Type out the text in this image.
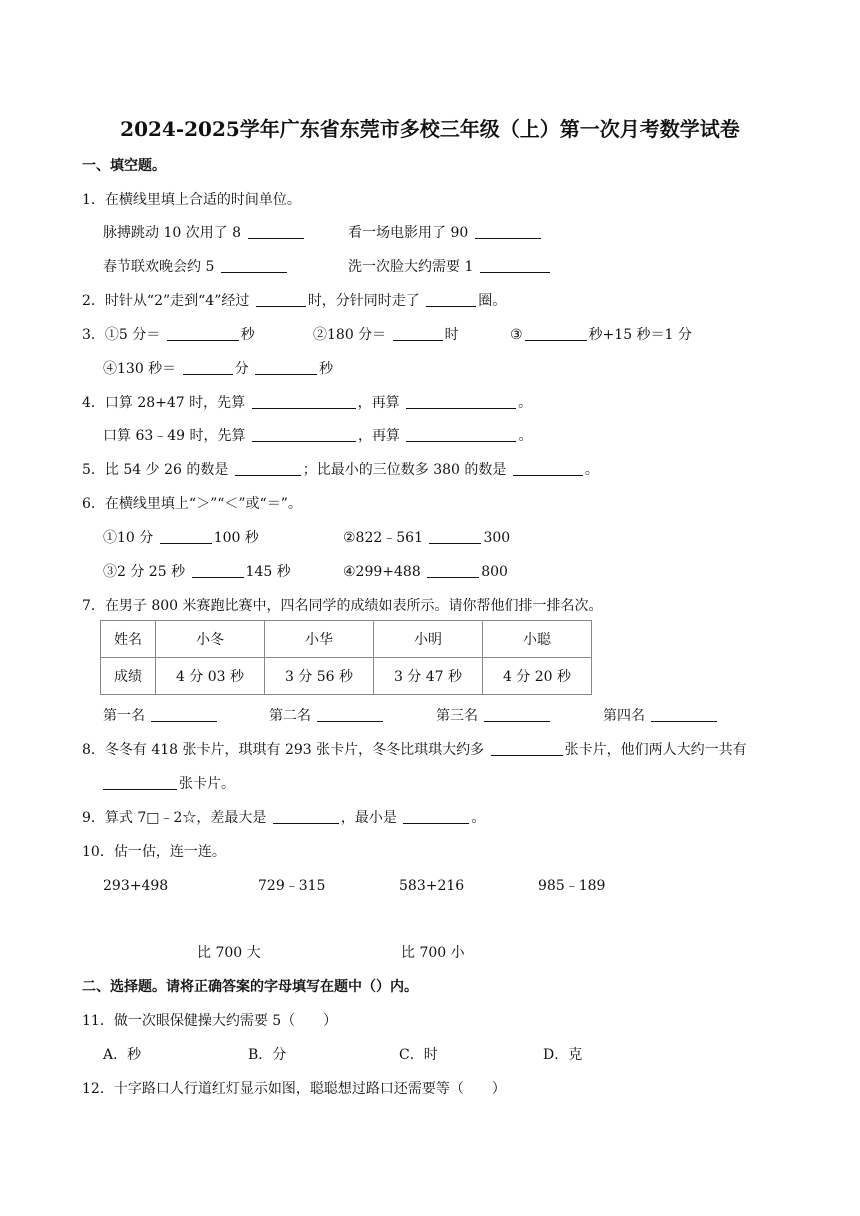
2024-2025学年广东省东莞市多校三年级（上）第一次月考数学试卷
一、填空题。
1．在横线里填上合适的时间单位。
脉搏跳动 10 次用了 8	看一场电影用了 90
春节联欢晚会约 5	洗一次脸大约需要 1
2．时针从“2”走到“4”经过	时，分针同时走了	圈。
3．①5 分＝	秒	②180 分＝	时	③	秒+15 秒＝1 分
④130 秒＝	分	秒
4．口算 28+47 时，先算	，再算	。
口算 63﹣49 时，先算	，再算	。
5．比 54 少 26 的数是	；比最小的三位数多 380 的数是	。
6．在横线里填上“＞”“＜”或“＝”。
①10 分	100 秒	②822﹣561	300
③2 分 25 秒	145 秒	④299+488	800
7．在男子 800 米赛跑比赛中，四名同学的成绩如表所示。请你帮他们排一排名次。
姓名	小冬	小华	小明	小聪
成绩	4 分 03 秒	3 分 56 秒	3 分 47 秒	4 分 20 秒
第一名	第二名	第三名	第四名
8．冬冬有 418 张卡片，琪琪有 293 张卡片，冬冬比琪琪大约多	张卡片，他们两人大约一共有
张卡片。
9．算式 7□﹣2☆，差最大是	，最小是	。
10．估一估，连一连。
293+498	729﹣315	583+216	985﹣189
比 700 大	比 700 小
二、选择题。请将正确答案的字母填写在题中（）内。
11．做一次眼保健操大约需要 5（　　）
A．秒	B．分	C．时	D．克
12．十字路口人行道红灯显示如图，聪聪想过路口还需要等（　　）
